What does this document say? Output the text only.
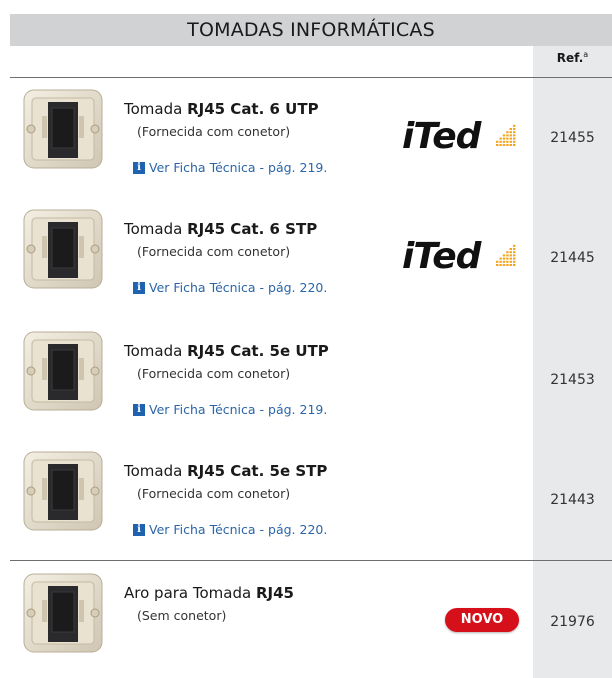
TOMADAS INFORMÁTICAS
Ref.$^a$
Tomada RJ45 Cat. 6 UTP
(Fornecida com conetor)
i Ver Ficha Técnica - pág. 219.
21455
iTed
Tomada RJ45 Cat. 6 STP
(Fornecida com conetor)
i Ver Ficha Técnica - pág. 220.
21445
iTed
Tomada RJ45 Cat. 5e UTP
(Fornecida com conetor)
i Ver Ficha Técnica - pág. 219.
21453
Tomada RJ45 Cat. 5e STP
(Fornecida com conetor)
i Ver Ficha Técnica - pág. 220.
21443
Aro para Tomada RJ45
(Sem conetor)	21976
NOVO
